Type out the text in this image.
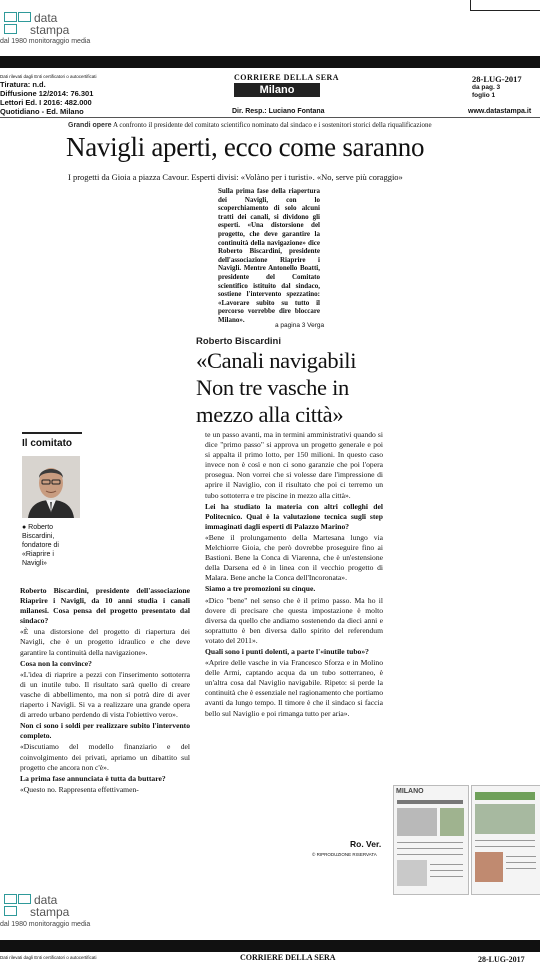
data
stampa
dal 1980 monitoraggio media
Dati rilevati dagli Enti certificatori o autocertificati
Tiratura: n.d.
Diffusione 12/2014: 76.301
Lettori Ed. I 2016: 482.000
Quotidiano - Ed. Milano
CORRIERE DELLA SERA
Milano
Dir. Resp.: Luciano Fontana
28-LUG-2017
da pag. 3
foglio 1
www.datastampa.it
Grandi opere A confronto il presidente del comitato scientifico nominato dal sindaco e i sostenitori storici della riqualificazione
Navigli aperti, ecco come saranno
I progetti da Gioia a piazza Cavour. Esperti divisi: «Volàno per i turisti». «No, serve più coraggio»
Sulla prima fase della riapertura dei Navigli, con lo scoperchiamento di solo alcuni tratti dei canali, si dividono gli esperti. «Una distorsione del progetto, che deve garantire la continuità della navigazione» dice Roberto Biscardini, presidente dell'associazione Riaprire i Navigli. Mentre Antonello Boatti, presidente del Comitato scientifico istituito dal sindaco, sostiene l'intervento spezzatino: «Lavorare subito su tutto il percorso vorrebbe dire bloccare Milano».
a pagina 3 Verga
Roberto Biscardini
«Canali navigabili Non tre vasche in mezzo alla città»
Il comitato
● Roberto Biscardini, fondatore di «Riaprire i Navigli»

Roberto Biscardini, presidente dell'associazione Riaprire i Navigli, da 10 anni studia i canali milanesi. Cosa pensa del progetto presentato dal sindaco?

«È una distorsione del progetto di riapertura dei Navigli, che è un progetto idraulico e che deve garantire la continuità della navigazione».

Cosa non la convince?

«L'idea di riaprire a pezzi con l'inserimento sottoterra di un inutile tubo. Il risultato sarà quello di creare vasche di abbellimento, ma non si potrà dire di aver riaperto i Navigli. Si va a realizzare una grande opera di arredo urbano perdendo di vista l'obiettivo vero».

Non ci sono i soldi per realizzare subito l'intervento completo.

«Discutiamo del modello finanziario e del coinvolgimento dei privati, apriamo un dibattito sul progetto che ancora non c'è».

La prima fase annunciata è tutta da buttare?

«Questo no. Rappresenta effettivamen-

te un passo avanti, ma in termini amministrativi quando si dice "primo passo" si approva un progetto generale e poi si appalta il primo lotto, per 150 milioni. In questo caso invece non è così e non ci sono garanzie che poi l'opera prosegua. Non vorrei che si volesse dare l'impressione di aprire il Naviglio, con il risultato che poi ci terremo un tubo sottoterra e tre piscine in mezzo alla città».

Lei ha studiato la materia con altri colleghi del Politecnico. Qual è la valutazione tecnica sugli step immaginati dagli esperti di Palazzo Marino?

«Bene il prolungamento della Martesana lungo via Melchiorre Gioia, che però dovrebbe proseguire fino ai Bastioni. Bene la Conca di Viarenna, che è un'estensione della Darsena ed è in linea con il vecchio progetto di Malara. Bene anche la Conca dell'Incoronata».

Siamo a tre promozioni su cinque.

«Dico "bene" nel senso che è il primo passo. Ma ho il dovere di precisare che questa impostazione è molto diversa da quello che andiamo sostenendo da dieci anni e soprattutto è ben diversa dallo spirito del referendum votato del 2011».

Quali sono i punti dolenti, a parte l'«inutile tubo»?

«Aprire delle vasche in via Francesco Sforza e in Molino delle Armi, captando acqua da un tubo sotterraneo, è un'altra cosa dal Naviglio navigabile. Ripeto: si perde la continuità che è essenziale nel ragionamento che portiamo avanti da lungo tempo. Il timore è che il sindaco si faccia bello sul Naviglio e poi rimanga tutto per aria».

Ro. Ver.
© RIPRODUZIONE RISERVATA
MILANO
data
stampa
dal 1980 monitoraggio media
Dati rilevati dagli Enti certificatori o autocertificati	CORRIERE DELLA SERA	28-LUG-2017
